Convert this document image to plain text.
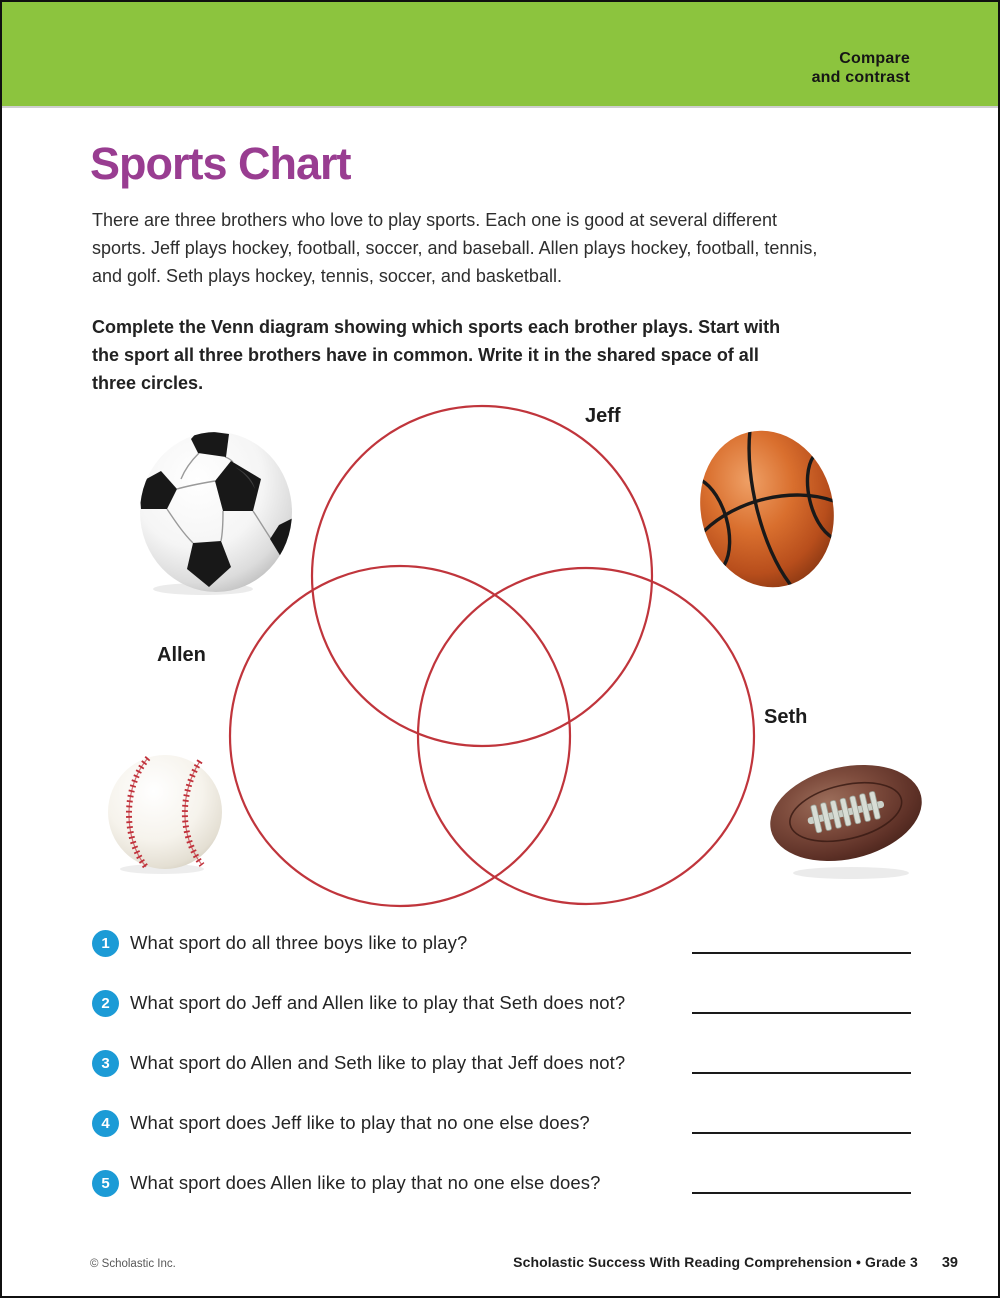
Compare
and contrast
Sports Chart
There are three brothers who love to play sports. Each one is good at several different
sports. Jeff plays hockey, football, soccer, and baseball. Allen plays hockey, football, tennis,
and golf. Seth plays hockey, tennis, soccer, and basketball.
Complete the Venn diagram showing which sports each brother plays. Start with
the sport all three brothers have in common. Write it in the shared space of all
three circles.
Jeff
Allen
Seth
1	What sport do all three boys like to play?
2	What sport do Jeff and Allen like to play that Seth does not?
3	What sport do Allen and Seth like to play that Jeff does not?
4	What sport does Jeff like to play that no one else does?
5	What sport does Allen like to play that no one else does?
© Scholastic Inc.	Scholastic Success With Reading Comprehension • Grade 3 39
